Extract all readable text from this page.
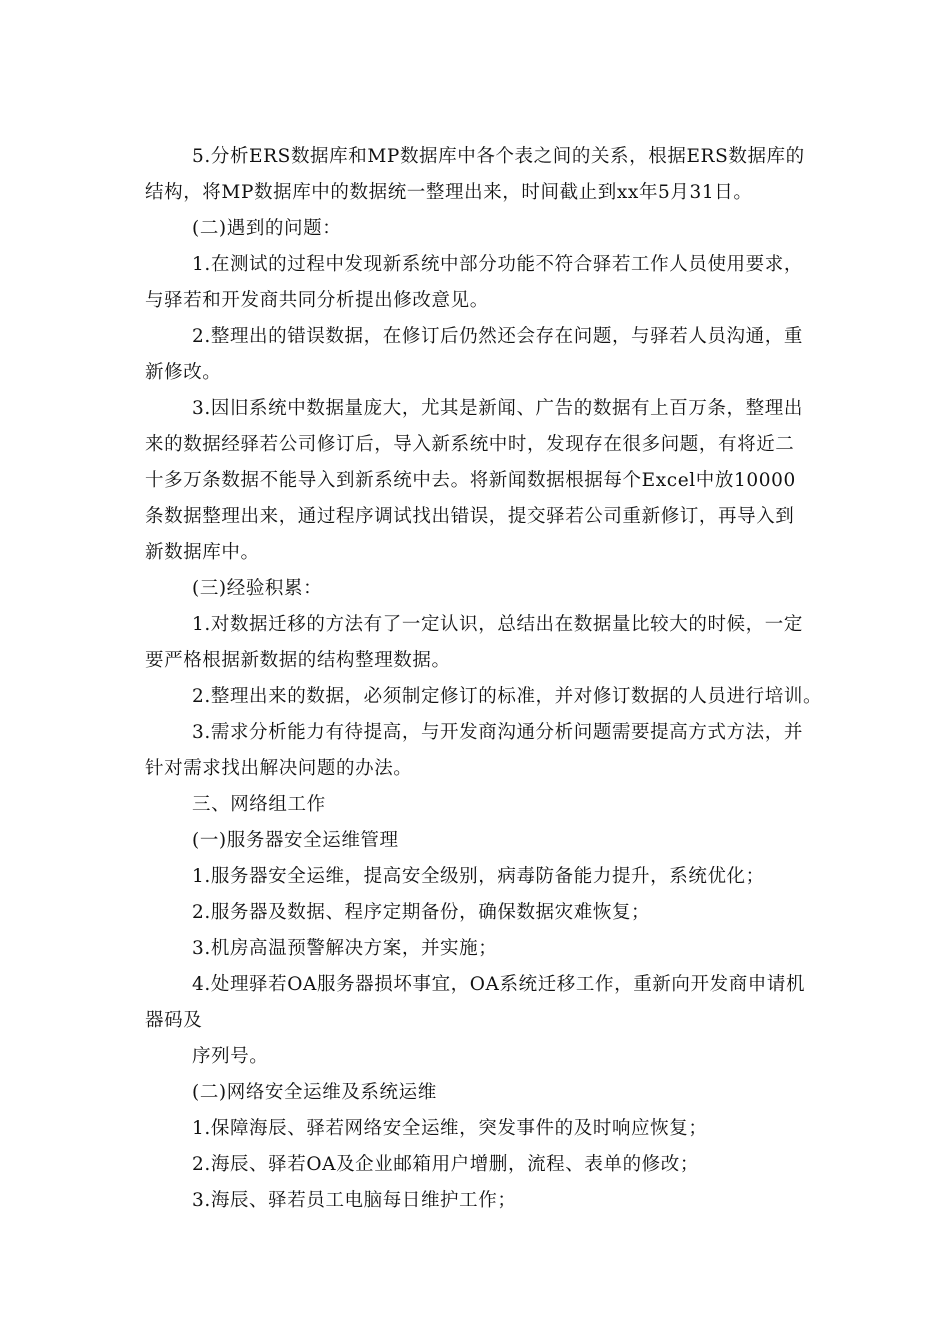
5.分析ERS数据库和MP数据库中各个表之间的关系，根据ERS数据库的

结构，将MP数据库中的数据统一整理出来，时间截止到xx年5月31日。

(二)遇到的问题：

1.在测试的过程中发现新系统中部分功能不符合驿若工作人员使用要求，

与驿若和开发商共同分析提出修改意见。

2.整理出的错误数据，在修订后仍然还会存在问题，与驿若人员沟通，重

新修改。

3.因旧系统中数据量庞大，尤其是新闻、广告的数据有上百万条，整理出

来的数据经驿若公司修订后，导入新系统中时，发现存在很多问题，有将近二

十多万条数据不能导入到新系统中去。将新闻数据根据每个Excel中放10000

条数据整理出来，通过程序调试找出错误，提交驿若公司重新修订，再导入到

新数据库中。

(三)经验积累：

1.对数据迁移的方法有了一定认识，总结出在数据量比较大的时候，一定

要严格根据新数据的结构整理数据。

2.整理出来的数据，必须制定修订的标准，并对修订数据的人员进行培训。

3.需求分析能力有待提高，与开发商沟通分析问题需要提高方式方法，并

针对需求找出解决问题的办法。

三、网络组工作

(一)服务器安全运维管理

1.服务器安全运维，提高安全级别，病毒防备能力提升，系统优化；

2.服务器及数据、程序定期备份，确保数据灾难恢复；

3.机房高温预警解决方案，并实施；

4.处理驿若OA服务器损坏事宜，OA系统迁移工作，重新向开发商申请机

器码及

序列号。

(二)网络安全运维及系统运维

1.保障海辰、驿若网络安全运维，突发事件的及时响应恢复；

2.海辰、驿若OA及企业邮箱用户增删，流程、表单的修改；

3.海辰、驿若员工电脑每日维护工作；
